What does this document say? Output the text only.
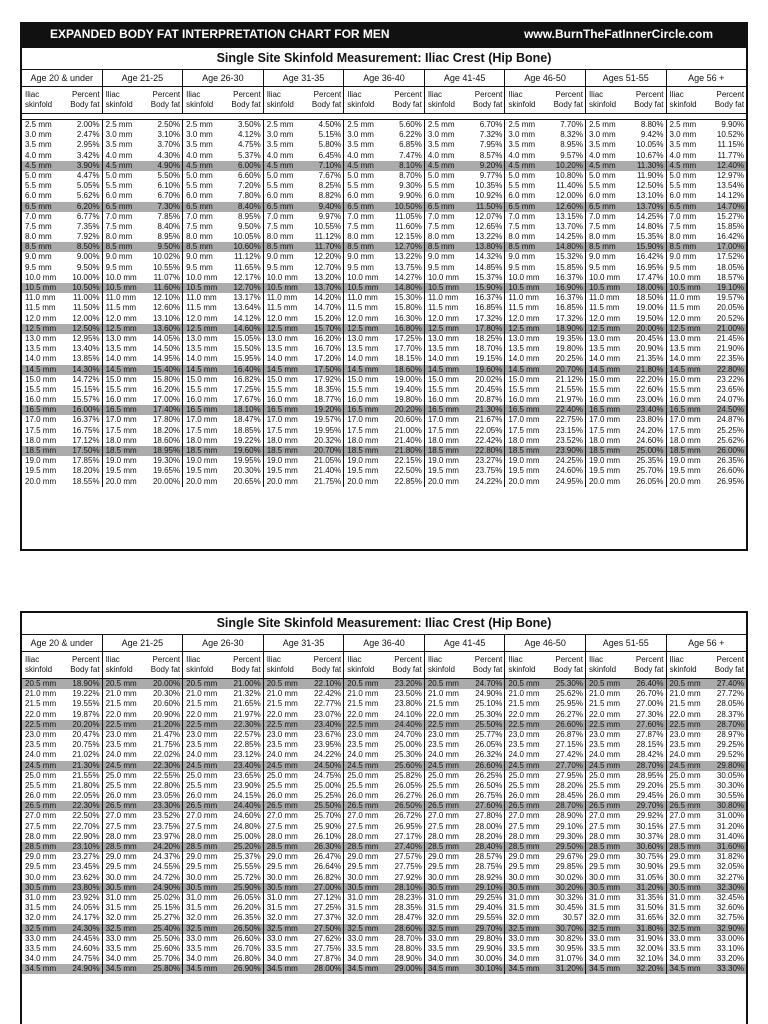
EXPANDED BODY FAT INTERPRETATION CHART FOR MEN	www.BurnTheFatInnerCircle.com
Single Site Skinfold Measurement: Iliac Crest (Hip Bone)
Age 20 & under	Age 21-25	Age 26-30	Age 31-35	Age 36-40	Age 41-45	Age 46-50	Ages 51-55	Age 56 +
Iliac
skinfold
Percent
Body fat
Iliac
skinfold
Percent
Body fat
Iliac
skinfold
Percent
Body fat
Iliac
skinfold
Percent
Body fat
Iliac
skinfold
Percent
Body fat
Iliac
skinfold
Percent
Body fat
Iliac
skinfold
Percent
Body fat
Iliac
skinfold
Percent
Body fat
Iliac
skinfold
Percent
Body fat
2.5 mm	2.00% 2.5 mm	2.50% 2.5 mm	3.50% 2.5 mm	4.50% 2.5 mm	5.60% 2.5 mm	6.70% 2.5 mm	7.70% 2.5 mm	8.80% 2.5 mm	9.90%
3.0 mm	2.47% 3.0 mm	3.10% 3.0 mm	4.12% 3.0 mm	5.15% 3.0 mm	6.22% 3.0 mm	7.32% 3.0 mm	8.32% 3.0 mm	9.42% 3.0 mm	10.52%
3.5 mm	2.95% 3.5 mm	3.70% 3.5 mm	4.75% 3.5 mm	5.80% 3.5 mm	6.85% 3.5 mm	7.95% 3.5 mm	8.95% 3.5 mm	10.05% 3.5 mm	11.15%
4.0 mm	3.42% 4.0 mm	4.30% 4.0 mm	5.37% 4.0 mm	6.45% 4.0 mm	7.47% 4.0 mm	8.57% 4.0 mm	9.57% 4.0 mm	10.67% 4.0 mm	11.77%
4.5 mm	3.90% 4.5 mm	4.90% 4.5 mm	6.00% 4.5 mm	7.10% 4.5 mm	8.10% 4.5 mm	9.20% 4.5 mm	10.20% 4.5 mm	11.30% 4.5 mm	12.40%
5.0 mm	4.47% 5.0 mm	5.50% 5.0 mm	6.60% 5.0 mm	7.67% 5.0 mm	8.70% 5.0 mm	9.77% 5.0 mm	10.80% 5.0 mm	11.90% 5.0 mm	12.97%
5.5 mm	5.05% 5.5 mm	6.10% 5.5 mm	7.20% 5.5 mm	8.25% 5.5 mm	9.30% 5.5 mm	10.35% 5.5 mm	11.40% 5.5 mm	12.50% 5.5 mm	13.54%
6.0 mm	5.62% 6.0 mm	6.70% 6.0 mm	7.80% 6.0 mm	8.82% 6.0 mm	9.90% 6.0 mm	10.92% 6.0 mm	12.00% 6.0 mm	13.10% 6.0 mm	14.12%
6.5 mm	6.20% 6.5 mm	7.30% 6.5 mm	8.40% 6.5 mm	9.40% 6.5 mm	10.50% 6.5 mm	11.50% 6.5 mm	12.60% 6.5 mm	13.70% 6.5 mm	14.70%
7.0 mm	6.77% 7.0 mm	7.85% 7.0 mm	8.95% 7.0 mm	9.97% 7.0 mm	11.05% 7.0 mm	12.07% 7.0 mm	13.15% 7.0 mm	14.25% 7.0 mm	15.27%
7.5 mm	7.35% 7.5 mm	8.40% 7.5 mm	9.50% 7.5 mm	10.55% 7.5 mm	11.60% 7.5 mm	12.65% 7.5 mm	13.70% 7.5 mm	14.80% 7.5 mm	15.85%
8.0 mm	7.92% 8.0 mm	8.95% 8.0 mm	10.05% 8.0 mm	11.12% 8.0 mm	12.15% 8.0 mm	13.22% 8.0 mm	14.25% 8.0 mm	15.35% 8.0 mm	16.42%
8.5 mm	8.50% 8.5 mm	9.50% 8.5 mm	10.60% 8.5 mm	11.70% 8.5 mm	12.70% 8.5 mm	13.80% 8.5 mm	14.80% 8.5 mm	15.90% 8.5 mm	17.00%
9.0 mm	9.00% 9.0 mm	10.02% 9.0 mm	11.12% 9.0 mm	12.20% 9.0 mm	13.22% 9.0 mm	14.32% 9.0 mm	15.32% 9.0 mm	16.42% 9.0 mm	17.52%
9.5 mm	9.50% 9.5 mm	10.55% 9.5 mm	11.65% 9.5 mm	12.70% 9.5 mm	13.75% 9.5 mm	14.85% 9.5 mm	15.85% 9.5 mm	16.95% 9.5 mm	18.05%
10.0 mm	10.00% 10.0 mm	11.07% 10.0 mm	12.17% 10.0 mm	13.20% 10.0 mm	14.27% 10.0 mm	15.37% 10.0 mm	16.37% 10.0 mm	17.47% 10.0 mm	18.57%
10.5 mm	10.50% 10.5 mm	11.60% 10.5 mm	12.70% 10.5 mm	13.70% 10.5 mm	14.80% 10.5 mm	15.90% 10.5 mm	16.90% 10.5 mm	18.00% 10.5 mm	19.10%
11.0 mm	11.00% 11.0 mm	12.10% 11.0 mm	13.17% 11.0 mm	14.20% 11.0 mm	15.30% 11.0 mm	16.37% 11.0 mm	16.37% 11.0 mm	18.50% 11.0 mm	19.57%
11.5 mm	11.50% 11.5 mm	12.60% 11.5 mm	13.64% 11.5 mm	14.70% 11.5 mm	15.80% 11.5 mm	16.85% 11.5 mm	16.85% 11.5 mm	19.00% 11.5 mm	20.05%
12.0 mm	12.00% 12.0 mm	13.10% 12.0 mm	14.12% 12.0 mm	15.20% 12.0 mm	16.30% 12.0 mm	17.32% 12.0 mm	17.32% 12.0 mm	19.50% 12.0 mm	20.52%
12.5 mm	12.50% 12.5 mm	13.60% 12.5 mm	14.60% 12.5 mm	15.70% 12.5 mm	16.80% 12.5 mm	17.80% 12.5 mm	18.90% 12.5 mm	20.00% 12.5 mm	21.00%
13.0 mm	12.95% 13.0 mm	14.05% 13.0 mm	15.05% 13.0 mm	16.20% 13.0 mm	17.25% 13.0 mm	18.25% 13.0 mm	19.35% 13.0 mm	20.45% 13.0 mm	21.45%
13.5 mm	13.40% 13.5 mm	14.50% 13.5 mm	15.50% 13.5 mm	16.70% 13.5 mm	17.70% 13.5 mm	18.70% 13.5 mm	19.80% 13.5 mm	20.90% 13.5 mm	21.90%
14.0 mm	13.85% 14.0 mm	14.95% 14.0 mm	15.95% 14.0 mm	17.20% 14.0 mm	18.15% 14.0 mm	19.15% 14.0 mm	20.25% 14.0 mm	21.35% 14.0 mm	22.35%
14.5 mm	14.30% 14.5 mm	15.40% 14.5 mm	16.40% 14.5 mm	17.50% 14.5 mm	18.60% 14.5 mm	19.60% 14.5 mm	20.70% 14.5 mm	21.80% 14.5 mm	22.80%
15.0 mm	14.72% 15.0 mm	15.80% 15.0 mm	16.82% 15.0 mm	17.92% 15.0 mm	19.00% 15.0 mm	20.02% 15.0 mm	21.12% 15.0 mm	22.20% 15.0 mm	23.22%
15.5 mm	15.15% 15.5 mm	16.20% 15.5 mm	17.25% 15.5 mm	18.35% 15.5 mm	19.40% 15.5 mm	20.45% 15.5 mm	21.55% 15.5 mm	22.60% 15.5 mm	23.65%
16.0 mm	15.57% 16.0 mm	17.00% 16.0 mm	17.67% 16.0 mm	18.77% 16.0 mm	19.80% 16.0 mm	20.87% 16.0 mm	21.97% 16.0 mm	23.00% 16.0 mm	24.07%
16.5 mm	16.00% 16.5 mm	17.40% 16.5 mm	18.10% 16.5 mm	19.20% 16.5 mm	20.20% 16.5 mm	21.30% 16.5 mm	22.40% 16.5 mm	23.40% 16.5 mm	24.50%
17.0 mm	16.37% 17.0 mm	17.80% 17.0 mm	18.47% 17.0 mm	19.57% 17.0 mm	20.60% 17.0 mm	21.67% 17.0 mm	22.75% 17.0 mm	23.80% 17.0 mm	24.87%
17.5 mm	16.75% 17.5 mm	18.20% 17.5 mm	18.85% 17.5 mm	19.95% 17.5 mm	21.00% 17.5 mm	22.05% 17.5 mm	23.15% 17.5 mm	24.20% 17.5 mm	25.25%
18.0 mm	17.12% 18.0 mm	18.60% 18.0 mm	19.22% 18.0 mm	20.32% 18.0 mm	21.40% 18.0 mm	22.42% 18.0 mm	23.52% 18.0 mm	24.60% 18.0 mm	25.62%
18.5 mm	17.50% 18.5 mm	18.95% 18.5 mm	19.60% 18.5 mm	20.70% 18.5 mm	21.80% 18.5 mm	22.80% 18.5 mm	23.90% 18.5 mm	25.00% 18.5 mm	26.00%
19.0 mm	17.85% 19.0 mm	19.30% 19.0 mm	19.95% 19.0 mm	21.05% 19.0 mm	22.15% 19.0 mm	23.27% 19.0 mm	24.25% 19.0 mm	25.35% 19.0 mm	26.35%
19.5 mm	18.20% 19.5 mm	19.65% 19.5 mm	20.30% 19.5 mm	21.40% 19.5 mm	22.50% 19.5 mm	23.75% 19.5 mm	24.60% 19.5 mm	25.70% 19.5 mm	26.60%
20.0 mm	18.55% 20.0 mm	20.00% 20.0 mm	20.65% 20.0 mm	21.75% 20.0 mm	22.85% 20.0 mm	24.22% 20.0 mm	24.95% 20.0 mm	26.05% 20.0 mm	26.95%
Single Site Skinfold Measurement: Iliac Crest (Hip Bone)
Age 20 & under	Age 21-25	Age 26-30	Age 31-35	Age 36-40	Age 41-45	Age 46-50	Ages 51-55	Age 56 +
Iliac
skinfold
Percent
Body fat
Iliac
skinfold
Percent
Body fat
Iliac
skinfold
Percent
Body fat
Iliac
skinfold
Percent
Body fat
Iliac
skinfold
Percent
Body fat
Iliac
skinfold
Percent
Body fat
Iliac
skinfold
Percent
Body fat
Iliac
skinfold
Percent
Body fat
Iliac
skinfold
Percent
Body fat
20.5 mm	18.90% 20.5 mm	20.00% 20.5 mm	21.00% 20.5 mm	22.10% 20.5 mm	23.20% 20.5 mm	24.70% 20.5 mm	25.30% 20.5 mm	26.40% 20.5 mm	27.40%
21.0 mm	19.22% 21.0 mm	20.30% 21.0 mm	21.32% 21.0 mm	22.42% 21.0 mm	23.50% 21.0 mm	24.90% 21.0 mm	25.62% 21.0 mm	26.70% 21.0 mm	27.72%
21.5 mm	19.55% 21.5 mm	20.60% 21.5 mm	21.65% 21.5 mm	22.77% 21.5 mm	23.80% 21.5 mm	25.10% 21.5 mm	25.95% 21.5 mm	27.00% 21.5 mm	28.05%
22.0 mm	19.87% 22.0 mm	20.90% 22.0 mm	21.97% 22.0 mm	23.07% 22.0 mm	24.10% 22.0 mm	25.30% 22.0 mm	26.27% 22.0 mm	27.30% 22.0 mm	28.37%
22.5 mm	20.20% 22.5 mm	21.20% 22.5 mm	22.30% 22.5 mm	23.40% 22.5 mm	24.40% 22.5 mm	25.50% 22.5 mm	26.60% 22.5 mm	27.60% 22.5 mm	28.70%
23.0 mm	20.47% 23.0 mm	21.47% 23.0 mm	22.57% 23.0 mm	23.67% 23.0 mm	24.70% 23.0 mm	25.77% 23.0 mm	26.87% 23.0 mm	27.87% 23.0 mm	28.97%
23.5 mm	20.75% 23.5 mm	21.75% 23.5 mm	22.85% 23.5 mm	23.95% 23.5 mm	25.00% 23.5 mm	26.05% 23.5 mm	27.15% 23.5 mm	28.15% 23.5 mm	29.25%
24.0 mm	21.02% 24.0 mm	22.02% 24.0 mm	23.12% 24.0 mm	24.22% 24.0 mm	25.30% 24.0 mm	26.32% 24.0 mm	27.42% 24.0 mm	28.42% 24.0 mm	29.52%
24.5 mm	21.30% 24.5 mm	22.30% 24.5 mm	23.40% 24.5 mm	24.50% 24.5 mm	25.60% 24.5 mm	26.60% 24.5 mm	27.70% 24.5 mm	28.70% 24.5 mm	29.80%
25.0 mm	21.55% 25.0 mm	22.55% 25.0 mm	23.65% 25.0 mm	24.75% 25.0 mm	25.82% 25.0 mm	26.25% 25.0 mm	27.95% 25.0 mm	28.95% 25.0 mm	30.05%
25.5 mm	21.80% 25.5 mm	22.80% 25.5 mm	23.90% 25.5 mm	25.00% 25.5 mm	26.05% 25.5 mm	26.50% 25.5 mm	28.20% 25.5 mm	29.20% 25.5 mm	30.30%
26.0 mm	22.05% 26.0 mm	23.05% 26.0 mm	24.15% 26.0 mm	25.25% 26.0 mm	26.27% 26.0 mm	26.75% 26.0 mm	28.45% 26.0 mm	29.45% 26.0 mm	30.55%
26.5 mm	22.30% 26.5 mm	23.30% 26.5 mm	24.40% 26.5 mm	25.50% 26.5 mm	26.50% 26.5 mm	27.60% 26.5 mm	28.70% 26.5 mm	29.70% 26.5 mm	30.80%
27.0 mm	22.50% 27.0 mm	23.52% 27.0 mm	24.60% 27.0 mm	25.70% 27.0 mm	26.72% 27.0 mm	27.80% 27.0 mm	28.90% 27.0 mm	29.92% 27.0 mm	31.00%
27.5 mm	22.70% 27.5 mm	23.75% 27.5 mm	24.80% 27.5 mm	25.90% 27.5 mm	26.95% 27.5 mm	28.00% 27.5 mm	29.10% 27.5 mm	30.15% 27.5 mm	31.20%
28.0 mm	22.90% 28.0 mm	23.97% 28.0 mm	25.00% 28.0 mm	26.10% 28.0 mm	27.17% 28.0 mm	28.20% 28.0 mm	29.30% 28.0 mm	30.37% 28.0 mm	31.40%
28.5 mm	23.10% 28.5 mm	24.20% 28.5 mm	25.20% 28.5 mm	26.30% 28.5 mm	27.40% 28.5 mm	28.40% 28.5 mm	29.50% 28.5 mm	30.60% 28.5 mm	31.60%
29.0 mm	23.27% 29.0 mm	24.37% 29.0 mm	25.37% 29.0 mm	26.47% 29.0 mm	27.57% 29.0 mm	28.57% 29.0 mm	29.67% 29.0 mm	30.75% 29.0 mm	31.82%
29.5 mm	23.45% 29.5 mm	24.55% 29.5 mm	25.55% 29.5 mm	26.64% 29.5 mm	27.75% 29.5 mm	28.75% 29.5 mm	29.85% 29.5 mm	30.90% 29.5 mm	32.05%
30.0 mm	23.62% 30.0 mm	24.72% 30.0 mm	25.72% 30.0 mm	26.82% 30.0 mm	27.92% 30.0 mm	28.92% 30.0 mm	30.02% 30.0 mm	31.05% 30.0 mm	32.27%
30.5 mm	23.80% 30.5 mm	24.90% 30.5 mm	25.90% 30.5 mm	27.00% 30.5 mm	28.10% 30.5 mm	29.10% 30.5 mm	30.20% 30.5 mm	31.20% 30.5 mm	32.30%
31.0 mm	23.92% 31.0 mm	25.02% 31.0 mm	26.05% 31.0 mm	27.12% 31.0 mm	28.23% 31.0 mm	29.25% 31.0 mm	30.32% 31.0 mm	31.35% 31.0 mm	32.45%
31.5 mm	24.05% 31.5 mm	25.15% 31.5 mm	26.20% 31.5 mm	27.25% 31.5 mm	28.35% 31.5 mm	29.40% 31.5 mm	30.45% 31.5 mm	31.50% 31.5 mm	32.60%
32.0 mm	24.17% 32.0 mm	25.27% 32.0 mm	26.35% 32.0 mm	27.37% 32.0 mm	28.47% 32.0 mm	29.55% 32.0 mm	30.57 32.0 mm	31.65% 32.0 mm	32.75%
32.5 mm	24.30% 32.5 mm	25.40% 32.5 mm	26.50% 32.5 mm	27.50% 32.5 mm	28.60% 32.5 mm	29.70% 32.5 mm	30.70% 32.5 mm	31.80% 32.5 mm	32.90%
33.0 mm	24.45% 33.0 mm	25.50% 33.0 mm	26.60% 33.0 mm	27.62% 33.0 mm	28.70% 33.0 mm	29.80% 33.0 mm	30.82% 33.0 mm	31.90% 33.0 mm	33.00%
33.5 mm	24.60% 33.5 mm	25.60% 33.5 mm	26.70% 33.5 mm	27.75% 33.5 mm	28.80% 33.5 mm	29.90% 33.5 mm	30.95% 33.5 mm	32.00% 33.5 mm	33.10%
34.0 mm	24.75% 34.0 mm	25.70% 34.0 mm	26.80% 34.0 mm	27.87% 34.0 mm	28.90% 34.0 mm	30.00% 34.0 mm	31.07% 34.0 mm	32.10% 34.0 mm	33.20%
34.5 mm	24.90% 34.5 mm	25.80% 34.5 mm	26.90% 34.5 mm	28.00% 34.5 mm	29.00% 34.5 mm	30.10% 34.5 mm	31.20% 34.5 mm	32.20% 34.5 mm	33.30%
